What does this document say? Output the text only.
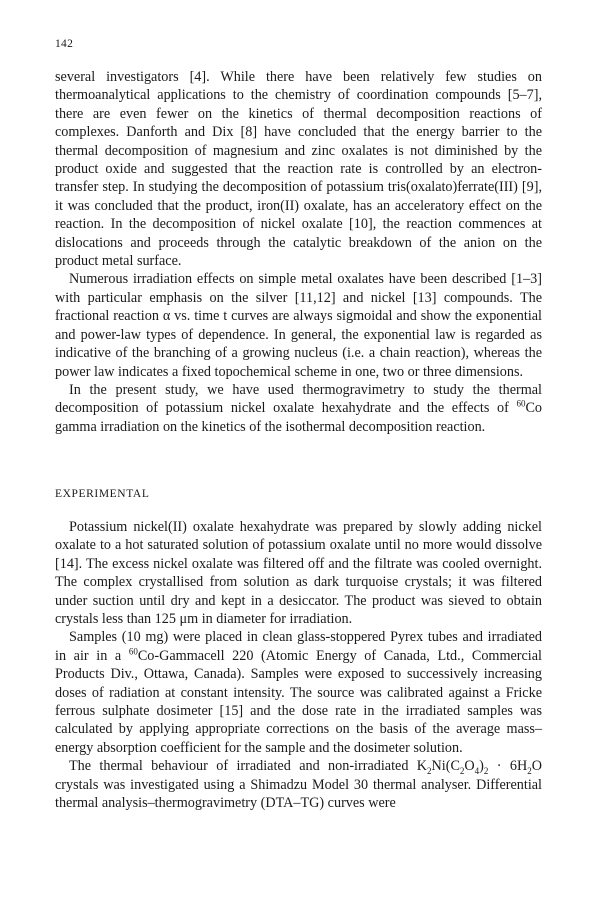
142

several investigators [4]. While there have been relatively few studies on thermoanalytical applications to the chemistry of coordination compounds [5–7], there are even fewer on the kinetics of thermal decomposition reactions of complexes. Danforth and Dix [8] have concluded that the energy barrier to the thermal decomposition of magnesium and zinc oxalates is not diminished by the product oxide and suggested that the reaction rate is controlled by an electron-transfer step. In studying the decomposition of potassium tris(oxalato)ferrate(III) [9], it was concluded that the product, iron(II) oxalate, has an acceleratory effect on the reaction. In the decomposition of nickel oxalate [10], the reaction commences at dislocations and proceeds through the catalytic breakdown of the anion on the product metal surface.

Numerous irradiation effects on simple metal oxalates have been described [1–3] with particular emphasis on the silver [11,12] and nickel [13] compounds. The fractional reaction α vs. time t curves are always sigmoidal and show the exponential and power-law types of dependence. In general, the exponential law is regarded as indicative of the branching of a growing nucleus (i.e. a chain reaction), whereas the power law indicates a fixed topochemical scheme in one, two or three dimensions.

In the present study, we have used thermogravimetry to study the thermal decomposition of potassium nickel oxalate hexahydrate and the effects of $^{60}$Co gamma irradiation on the kinetics of the isothermal decomposition reaction.

EXPERIMENTAL

Potassium nickel(II) oxalate hexahydrate was prepared by slowly adding nickel oxalate to a hot saturated solution of potassium oxalate until no more would dissolve [14]. The excess nickel oxalate was filtered off and the filtrate was cooled overnight. The complex crystallised from solution as dark turquoise crystals; it was filtered under suction until dry and kept in a desiccator. The product was sieved to obtain crystals less than 125 μm in diameter for irradiation.

Samples (10 mg) were placed in clean glass-stoppered Pyrex tubes and irradiated in air in a $^{60}$Co-Gammacell 220 (Atomic Energy of Canada, Ltd., Commercial Products Div., Ottawa, Canada). Samples were exposed to successively increasing doses of radiation at constant intensity. The source was calibrated against a Fricke ferrous sulphate dosimeter [15] and the dose rate in the irradiated samples was calculated by applying appropriate corrections on the basis of the average mass–energy absorption coefficient for the sample and the dosimeter solution.

The thermal behaviour of irradiated and non-irradiated $K_2Ni(C_2O_4)_2 \cdot 6H_2O$ crystals was investigated using a Shimadzu Model 30 thermal analyser. Differential thermal analysis–thermogravimetry (DTA–TG) curves were
